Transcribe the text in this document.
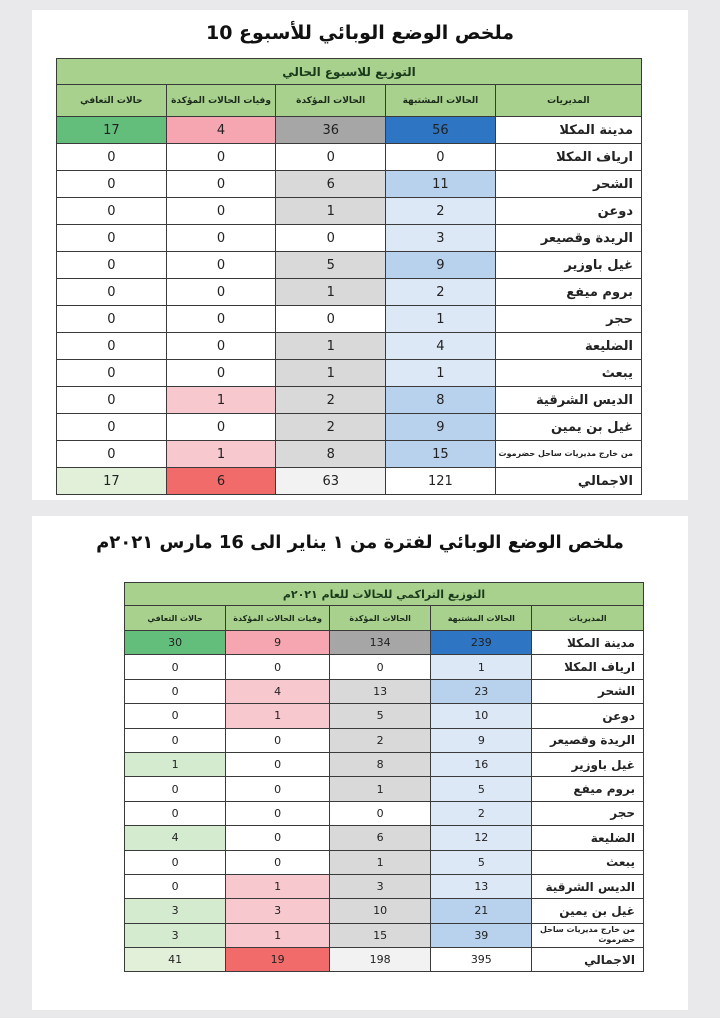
ملخص الوضع الوبائي للأسبوع 10
التوزيع للاسبوع الحالي				
المديريات	الحالات المشتبهة	الحالات المؤكدة	وفيات الحالات المؤكدة	حالات التعافي
مدينة المكلا	56	36	4	17
ارياف المكلا	0	0	0	0
الشحر	11	6	0	0
دوعن	2	1	0	0
الريدة وقصيعر	3	0	0	0
غيل باوزير	9	5	0	0
بروم ميفع	2	1	0	0
حجر	1	0	0	0
الضليعة	4	1	0	0
يبعث	1	1	0	0
الديس الشرقية	8	2	1	0
غيل بن يمين	9	2	0	0
من خارج مديريات ساحل حضرموت	15	8	1	0
الاجمالي	121	63	6	17
ملخص الوضع الوبائي لفترة من ١ يناير الى 16 مارس ٢٠٢١م
التوزيع التراكمي للحالات للعام ٢٠٢١م				
المديريات	الحالات المشتبهة	الحالات المؤكدة	وفيات الحالات المؤكدة	حالات التعافي
مدينة المكلا	239	134	9	30
ارياف المكلا	1	0	0	0
الشحر	23	13	4	0
دوعن	10	5	1	0
الريدة وقصيعر	9	2	0	0
غيل باوزير	16	8	0	1
بروم ميفع	5	1	0	0
حجر	2	0	0	0
الضليعة	12	6	0	4
يبعث	5	1	0	0
الديس الشرقية	13	3	1	0
غيل بن يمين	21	10	3	3
من خارج مديريات ساحل حضرموت	39	15	1	3
الاجمالي	395	198	19	41
